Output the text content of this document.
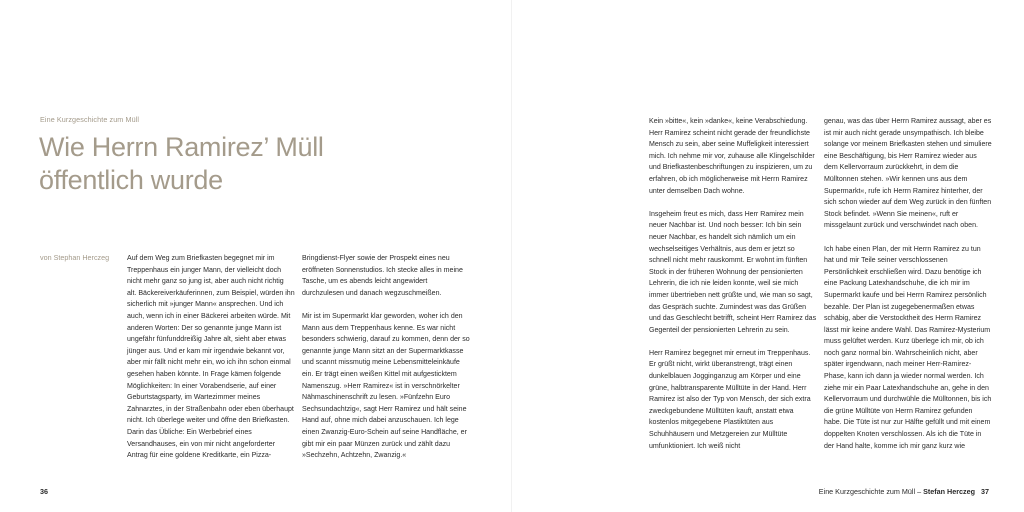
Eine Kurzgeschichte zum Müll
Wie Herrn Ramirez’ Müll
öffentlich wurde
von Stephan Herczeg	Auf dem Weg zum Briefkasten begegnet mir im Treppenhaus ein junger Mann, der vielleicht doch nicht mehr ganz so jung ist, aber auch nicht richtig alt. Bäckereiverkäuferinnen, zum Beispiel, würden ihn sicherlich mit »junger Mann« ansprechen. Und ich auch, wenn ich in einer Bäckerei arbeiten würde. Mit anderen Worten: Der so genannte junge Mann ist ungefähr fünfunddreißig Jahre alt, sieht aber etwas jünger aus. Und er kam mir irgendwie bekannt vor, aber mir fällt nicht mehr ein, wo ich ihn schon einmal gesehen haben könnte. In Frage kämen folgende Möglichkeiten: In einer Vorabendserie, auf einer Geburtstagsparty, im Wartezimmer meines Zahnarztes, in der Straßenbahn oder eben überhaupt nicht. Ich überlege weiter und öffne den Briefkasten. Darin das Übliche: Ein Werbebrief eines Versandhauses, ein von mir nicht angeforderter Antrag für eine goldene Kreditkarte, ein Pizza-

Bringdienst-Flyer sowie der Prospekt eines neu eröffneten Sonnenstudios. Ich stecke alles in meine Tasche, um es abends leicht angewidert durchzulesen und danach wegzuschmeißen.

Mir ist im Supermarkt klar geworden, woher ich den Mann aus dem Treppenhaus kenne. Es war nicht besonders schwierig, darauf zu kommen, denn der so genannte junge Mann sitzt an der Supermarktkasse und scannt missmutig meine Lebensmitteleinkäufe ein. Er trägt einen weißen Kittel mit aufgesticktem Namenszug. »Herr Ramirez« ist in verschnörkelter Nähmaschinenschrift zu lesen. »Fünfzehn Euro Sechsundachtzig«, sagt Herr Ramirez und hält seine Hand auf, ohne mich dabei anzuschauen. Ich lege einen Zwanzig-Euro-Schein auf seine Handfläche, er gibt mir ein paar Münzen zurück und zählt dazu »Sechzehn, Achtzehn, Zwanzig.«

36

Kein »bitte«, kein »danke«, keine Verabschiedung. Herr Ramirez scheint nicht gerade der freundlichste Mensch zu sein, aber seine Muffeligkeit interessiert mich. Ich nehme mir vor, zuhause alle Klingelschilder und Briefkastenbeschriftungen zu inspizieren, um zu erfahren, ob ich möglicherweise mit Herrn Ramirez unter demselben Dach wohne.

Insgeheim freut es mich, dass Herr Ramirez mein neuer Nachbar ist. Und noch besser: Ich bin sein neuer Nachbar, es handelt sich nämlich um ein wechselseitiges Verhältnis, aus dem er jetzt so schnell nicht mehr rauskommt. Er wohnt im fünften Stock in der früheren Wohnung der pensionierten Lehrerin, die ich nie leiden konnte, weil sie mich immer übertrieben nett grüßte und, wie man so sagt, das Gespräch suchte. Zumindest was das Grüßen und das Geschlecht betrifft, scheint Herr Ramirez das Gegenteil der pensionierten Lehrerin zu sein.

Herr Ramirez begegnet mir erneut im Treppenhaus. Er grüßt nicht, wirkt überanstrengt, trägt einen dunkelblauen Jogginganzug am Körper und eine grüne, halbtransparente Mülltüte in der Hand. Herr Ramirez ist also der Typ von Mensch, der sich extra zweckgebundene Mülltüten kauft, anstatt etwa kostenlos mitgegebene Plastiktüten aus Schuhhäusern und Metzgereien zur Mülltüte umfunktioniert. Ich weiß nicht

genau, was das über Herrn Ramirez aussagt, aber es ist mir auch nicht gerade unsympathisch. Ich bleibe solange vor meinem Briefkasten stehen und simuliere eine Beschäftigung, bis Herr Ramirez wieder aus dem Kellervorraum zurückkehrt, in dem die Mülltonnen stehen. »Wir kennen uns aus dem Supermarkt«, rufe ich Herrn Ramirez hinterher, der sich schon wieder auf dem Weg zurück in den fünften Stock befindet. »Wenn Sie meinen«, ruft er missgelaunt zurück und verschwindet nach oben.

Ich habe einen Plan, der mit Herrn Ramirez zu tun hat und mir Teile seiner verschlossenen Persönlichkeit erschließen wird. Dazu benötige ich eine Packung Latexhandschuhe, die ich mir im Supermarkt kaufe und bei Herrn Ramirez persönlich bezahle. Der Plan ist zugegebenermaßen etwas schäbig, aber die Verstocktheit des Herrn Ramirez lässt mir keine andere Wahl. Das Ramirez-Mysterium muss gelüftet werden. Kurz überlege ich mir, ob ich noch ganz normal bin. Wahrscheinlich nicht, aber später irgendwann, nach meiner Herr-Ramirez-Phase, kann ich dann ja wieder normal werden. Ich ziehe mir ein Paar Latexhandschuhe an, gehe in den Kellervorraum und durchwühle die Mülltonnen, bis ich die grüne Mülltüte von Herrn Ramirez gefunden habe. Die Tüte ist nur zur Hälfte gefüllt und mit einem doppelten Knoten verschlossen. Als ich die Tüte in der Hand halte, komme ich mir ganz kurz wie

Eine Kurzgeschichte zum Müll – Stefan Herczeg 37
